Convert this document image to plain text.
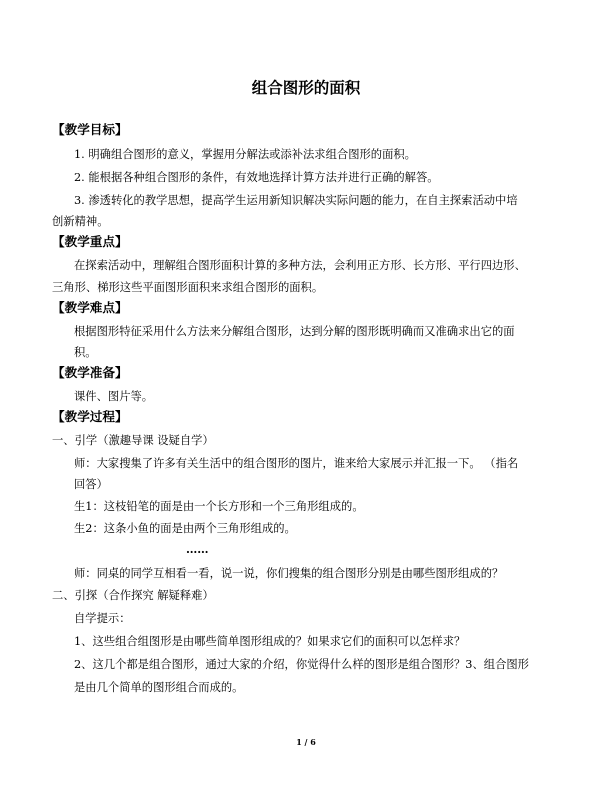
组合图形的面积
【教学目标】
1. 明确组合图形的意义，掌握用分解法或添补法求组合图形的面积。
2. 能根据各种组合图形的条件，有效地选择计算方法并进行正确的解答。
3. 渗透转化的教学思想，提高学生运用新知识解决实际问题的能力，在自主探索活动中培
创新精神。
【教学重点】
在探索活动中，理解组合图形面积计算的多种方法，会利用正方形、长方形、平行四边形、
三角形、梯形这些平面图形面积来求组合图形的面积。
【教学难点】
根据图形特征采用什么方法来分解组合图形，达到分解的图形既明确而又准确求出它的面
积。
【教学准备】
课件、图片等。
【教学过程】
一、引学（激趣导课 设疑自学）
师：大家搜集了许多有关生活中的组合图形的图片，谁来给大家展示并汇报一下。 （指名
回答）
生1：这枝铅笔的面是由一个长方形和一个三角形组成的。
生2：这条小鱼的面是由两个三角形组成的。
……
师：同桌的同学互相看一看，说一说，你们搜集的组合图形分别是由哪些图形组成的？
二、引探（合作探究 解疑释难）
自学提示：
1、这些组合组图形是由哪些简单图形组成的？如果求它们的面积可以怎样求？
2、这几个都是组合图形，通过大家的介绍，你觉得什么样的图形是组合图形？3、组合图形
是由几个简单的图形组合而成的。
1 / 6
